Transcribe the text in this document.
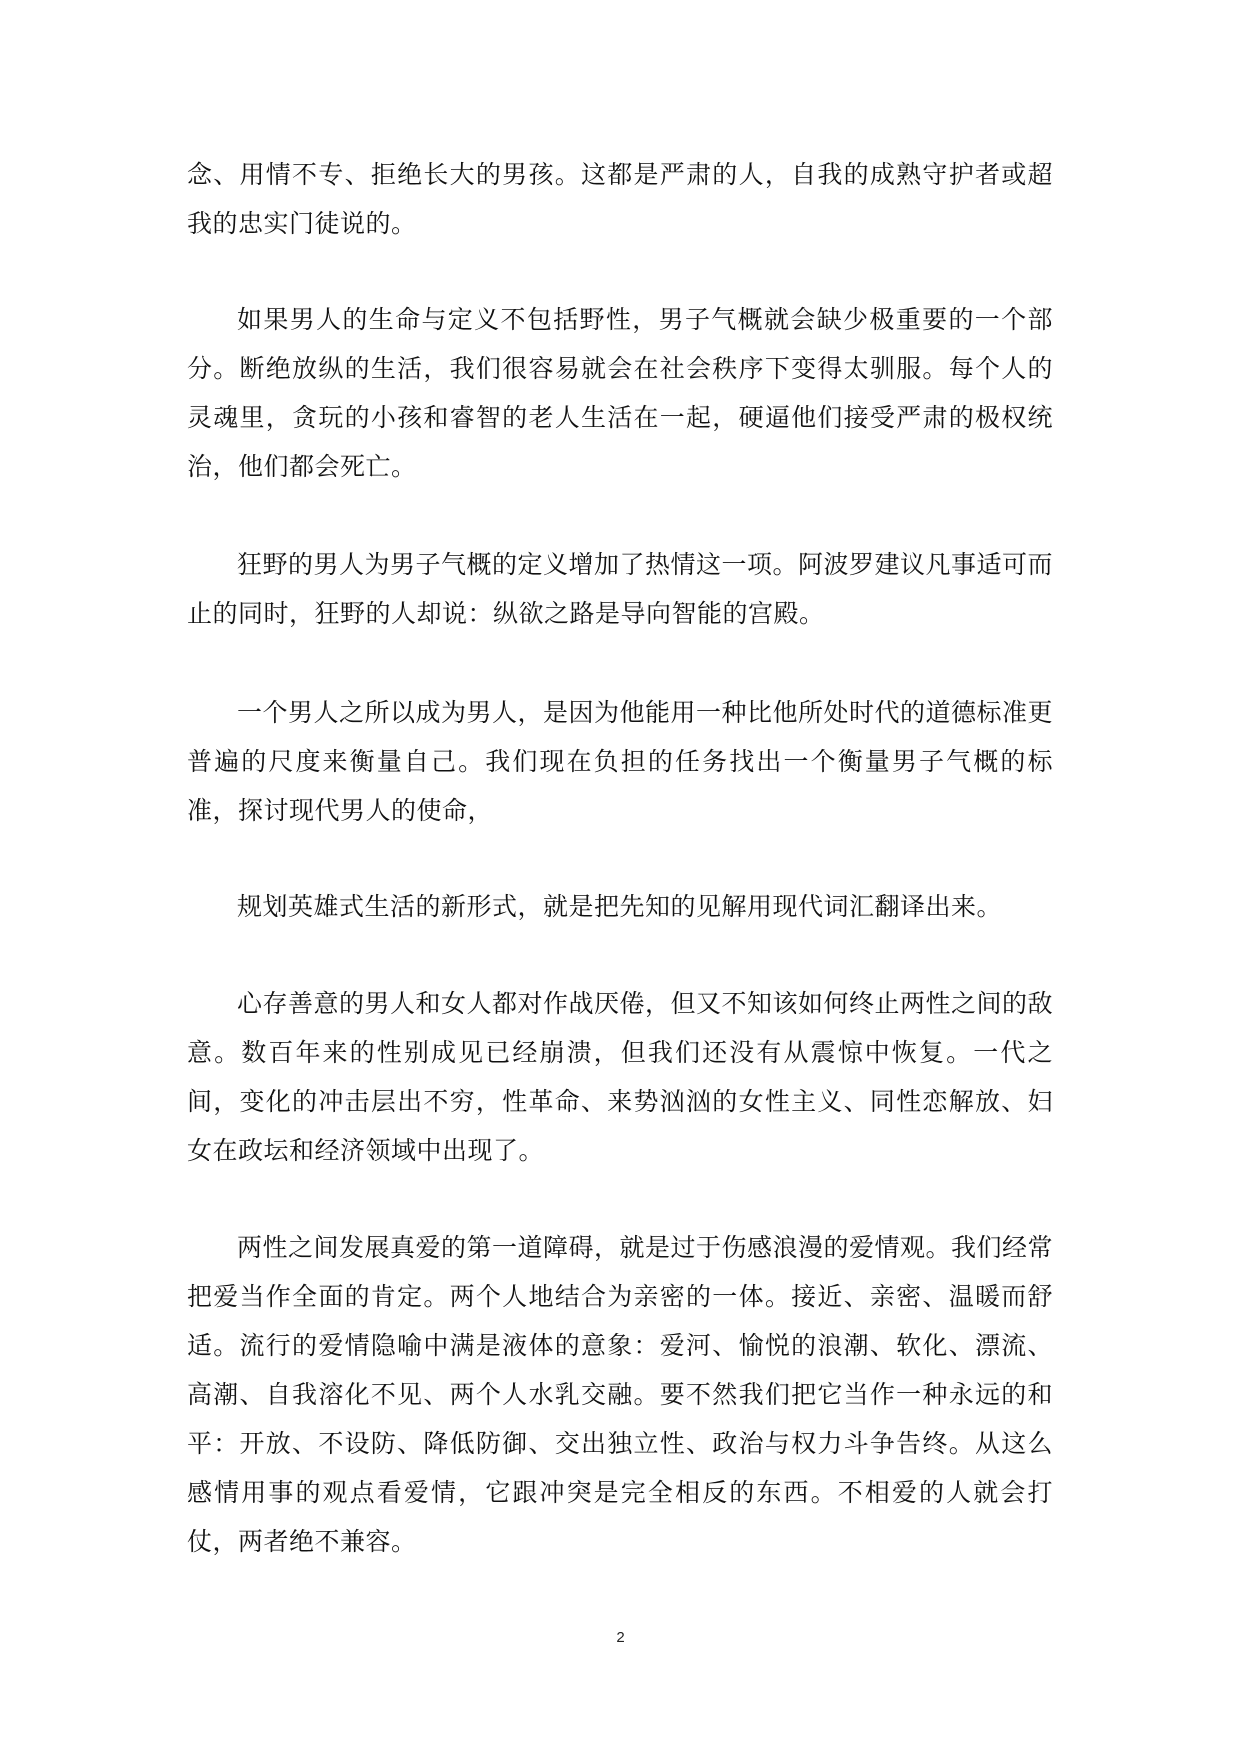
念、用情不专、拒绝长大的男孩。这都是严肃的人，自我的成熟守护者或超我的忠实门徒说的。

如果男人的生命与定义不包括野性，男子气概就会缺少极重要的一个部分。断绝放纵的生活，我们很容易就会在社会秩序下变得太驯服。每个人的灵魂里，贪玩的小孩和睿智的老人生活在一起，硬逼他们接受严肃的极权统治，他们都会死亡。

狂野的男人为男子气概的定义增加了热情这一项。阿波罗建议凡事适可而止的同时，狂野的人却说：纵欲之路是导向智能的宫殿。

一个男人之所以成为男人，是因为他能用一种比他所处时代的道德标准更普遍的尺度来衡量自己。我们现在负担的任务找出一个衡量男子气概的标准，探讨现代男人的使命，

规划英雄式生活的新形式，就是把先知的见解用现代词汇翻译出来。

心存善意的男人和女人都对作战厌倦，但又不知该如何终止两性之间的敌意。数百年来的性别成见已经崩溃，但我们还没有从震惊中恢复。一代之间，变化的冲击层出不穷，性革命、来势汹汹的女性主义、同性恋解放、妇女在政坛和经济领域中出现了。

两性之间发展真爱的第一道障碍，就是过于伤感浪漫的爱情观。我们经常把爱当作全面的肯定。两个人地结合为亲密的一体。接近、亲密、温暖而舒适。流行的爱情隐喻中满是液体的意象：爱河、愉悦的浪潮、软化、漂流、高潮、自我溶化不见、两个人水乳交融。要不然我们把它当作一种永远的和平：开放、不设防、降低防御、交出独立性、政治与权力斗争告终。从这么感情用事的观点看爱情，它跟冲突是完全相反的东西。不相爱的人就会打仗，两者绝不兼容。

2
